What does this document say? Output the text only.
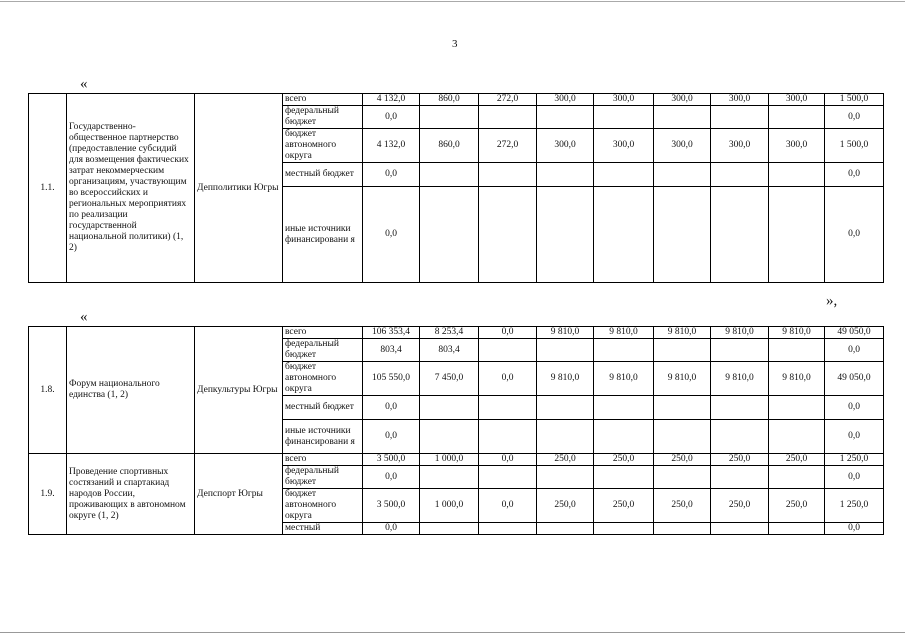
3
«
1.1.	Государственно-общественное партнерство (предоставление субсидий для возмещения фактических затрат некоммерческим организациям, участвующим во всероссийских и региональных мероприятиях по реализации государственной национальной политики) (1, 2)	Депполитики Югры	всего	4 132,0	860,0	272,0	300,0	300,0	300,0	300,0	300,0	1 500,0
			федеральный бюджет	0,0								0,0
			бюджет автономного округа	4 132,0	860,0	272,0	300,0	300,0	300,0	300,0	300,0	1 500,0
			местный бюджет	0,0								0,0
			иные источники финансировани я	0,0								0,0
»,
«
1.8.	Форум национального единства (1, 2)	Депкультуры Югры	всего	106 353,4	8 253,4	0,0	9 810,0	9 810,0	9 810,0	9 810,0	9 810,0	49 050,0
			федеральный бюджет	803,4	803,4							0,0
			бюджет автономного округа	105 550,0	7 450,0	0,0	9 810,0	9 810,0	9 810,0	9 810,0	9 810,0	49 050,0
			местный бюджет	0,0								0,0
			иные источники финансировани я	0,0								0,0
1.9.	Проведение спортивных состязаний и спартакиад народов России, проживающих в автономном округе (1, 2)	Депспорт Югры	всего	3 500,0	1 000,0	0,0	250,0	250,0	250,0	250,0	250,0	1 250,0
			федеральный бюджет	0,0								0,0
			бюджет автономного округа	3 500,0	1 000,0	0,0	250,0	250,0	250,0	250,0	250,0	1 250,0
			местный	0,0								0,0
